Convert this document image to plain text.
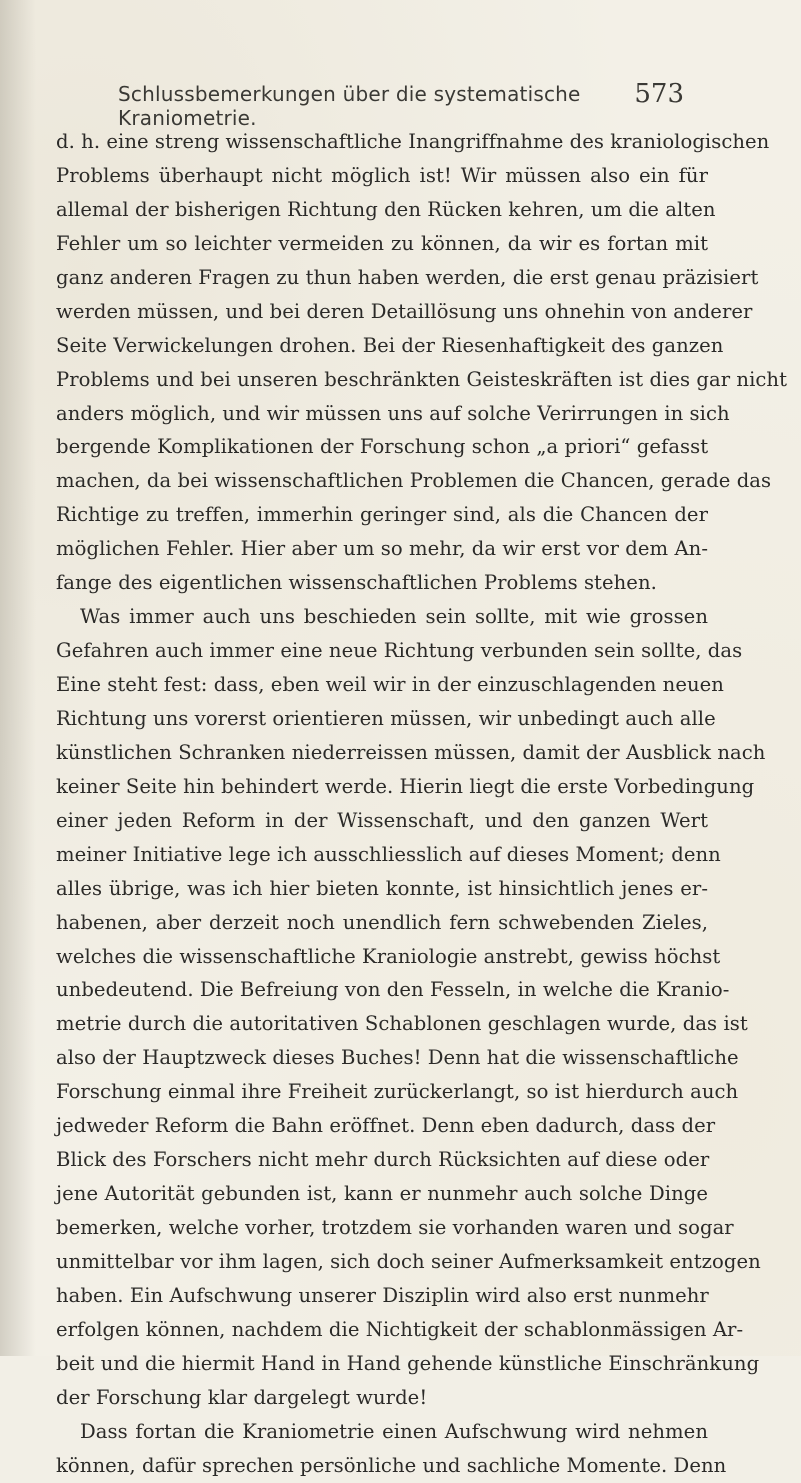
Schlussbemerkungen über die systematische Kraniometrie.
573
d. h. eine streng wissenschaftliche Inangriffnahme des kraniologischen
Problems überhaupt nicht möglich ist! Wir müssen also ein für
allemal der bisherigen Richtung den Rücken kehren, um die alten
Fehler um so leichter vermeiden zu können, da wir es fortan mit
ganz anderen Fragen zu thun haben werden, die erst genau präzisiert
werden müssen, und bei deren Detaillösung uns ohnehin von anderer
Seite Verwickelungen drohen. Bei der Riesenhaftigkeit des ganzen
Problems und bei unseren beschränkten Geisteskräften ist dies gar nicht
anders möglich, und wir müssen uns auf solche Verirrungen in sich
bergende Komplikationen der Forschung schon „a priori“ gefasst
machen, da bei wissenschaftlichen Problemen die Chancen, gerade das
Richtige zu treffen, immerhin geringer sind, als die Chancen der
möglichen Fehler. Hier aber um so mehr, da wir erst vor dem An-
fange des eigentlichen wissenschaftlichen Problems stehen.
Was immer auch uns beschieden sein sollte, mit wie grossen
Gefahren auch immer eine neue Richtung verbunden sein sollte, das
Eine steht fest: dass, eben weil wir in der einzuschlagenden neuen
Richtung uns vorerst orientieren müssen, wir unbedingt auch alle
künstlichen Schranken niederreissen müssen, damit der Ausblick nach
keiner Seite hin behindert werde. Hierin liegt die erste Vorbedingung
einer jeden Reform in der Wissenschaft, und den ganzen Wert
meiner Initiative lege ich ausschliesslich auf dieses Moment; denn
alles übrige, was ich hier bieten konnte, ist hinsichtlich jenes er-
habenen, aber derzeit noch unendlich fern schwebenden Zieles,
welches die wissenschaftliche Kraniologie anstrebt, gewiss höchst
unbedeutend. Die Befreiung von den Fesseln, in welche die Kranio-
metrie durch die autoritativen Schablonen geschlagen wurde, das ist
also der Hauptzweck dieses Buches! Denn hat die wissenschaftliche
Forschung einmal ihre Freiheit zurückerlangt, so ist hierdurch auch
jedweder Reform die Bahn eröffnet. Denn eben dadurch, dass der
Blick des Forschers nicht mehr durch Rücksichten auf diese oder
jene Autorität gebunden ist, kann er nunmehr auch solche Dinge
bemerken, welche vorher, trotzdem sie vorhanden waren und sogar
unmittelbar vor ihm lagen, sich doch seiner Aufmerksamkeit entzogen
haben. Ein Aufschwung unserer Disziplin wird also erst nunmehr
erfolgen können, nachdem die Nichtigkeit der schablonmässigen Ar-
beit und die hiermit Hand in Hand gehende künstliche Einschränkung
der Forschung klar dargelegt wurde!
Dass fortan die Kraniometrie einen Aufschwung wird nehmen
können, dafür sprechen persönliche und sachliche Momente. Denn
